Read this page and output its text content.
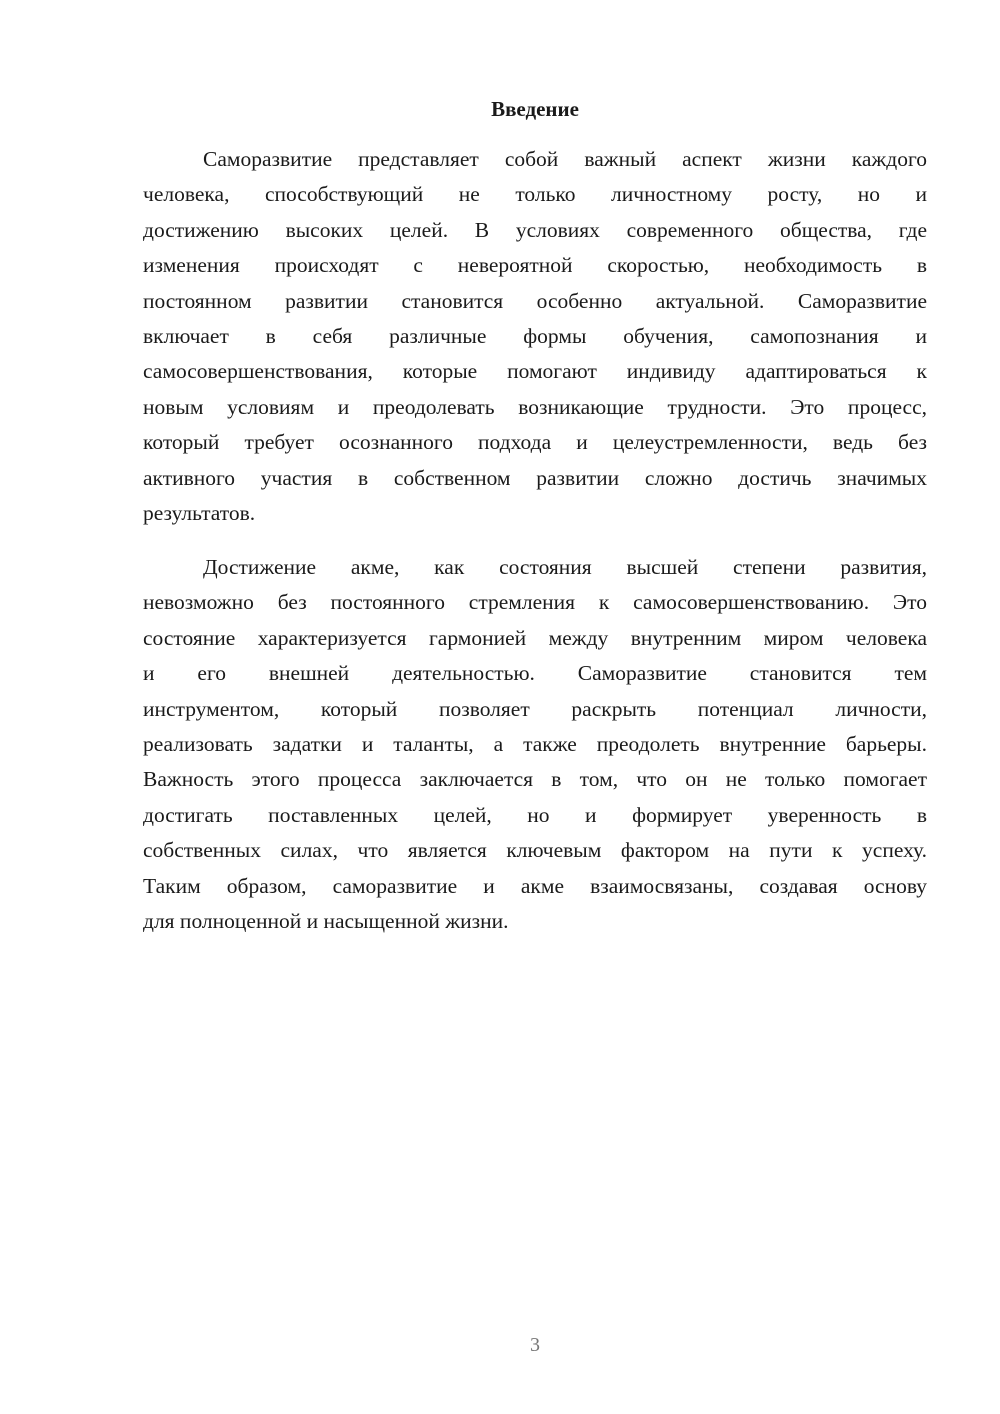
Введение
Саморазвитие представляет собой важный аспект жизни каждого
человека, способствующий не только личностному росту, но и
достижению высоких целей. В условиях современного общества, где
изменения происходят с невероятной скоростью, необходимость в
постоянном развитии становится особенно актуальной. Саморазвитие
включает в себя различные формы обучения, самопознания и
самосовершенствования, которые помогают индивиду адаптироваться к
новым условиям и преодолевать возникающие трудности. Это процесс,
который требует осознанного подхода и целеустремленности, ведь без
активного участия в собственном развитии сложно достичь значимых
результатов.
Достижение акме, как состояния высшей степени развития,
невозможно без постоянного стремления к самосовершенствованию. Это
состояние характеризуется гармонией между внутренним миром человека
и его внешней деятельностью. Саморазвитие становится тем
инструментом, который позволяет раскрыть потенциал личности,
реализовать задатки и таланты, а также преодолеть внутренние барьеры.
Важность этого процесса заключается в том, что он не только помогает
достигать поставленных целей, но и формирует уверенность в
собственных силах, что является ключевым фактором на пути к успеху.
Таким образом, саморазвитие и акме взаимосвязаны, создавая основу
для полноценной и насыщенной жизни.
3
